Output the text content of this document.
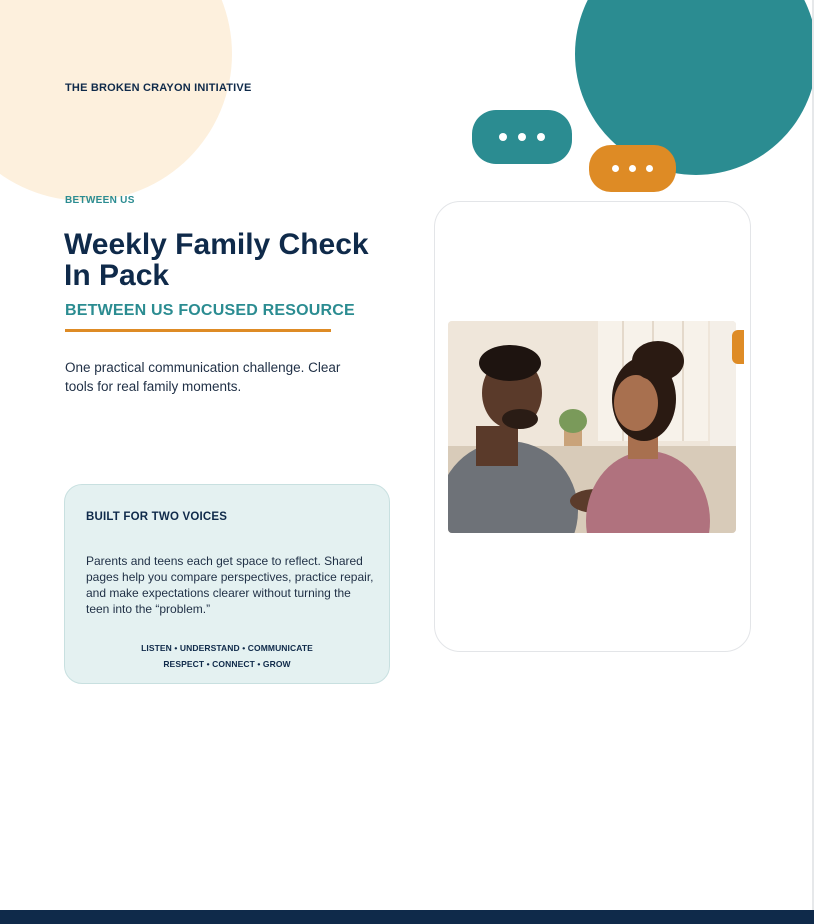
THE BROKEN CRAYON INITIATIVE

BETWEEN US

Weekly Family Check In Pack

BETWEEN US FOCUSED RESOURCE

One practical communication challenge. Clear tools for real family moments.

BUILT FOR TWO VOICES

Parents and teens each get space to reflect. Shared pages help you compare perspectives, practice repair, and make expectations clearer without turning the teen into the “problem.”

LISTEN • UNDERSTAND • COMMUNICATE

RESPECT • CONNECT • GROW
